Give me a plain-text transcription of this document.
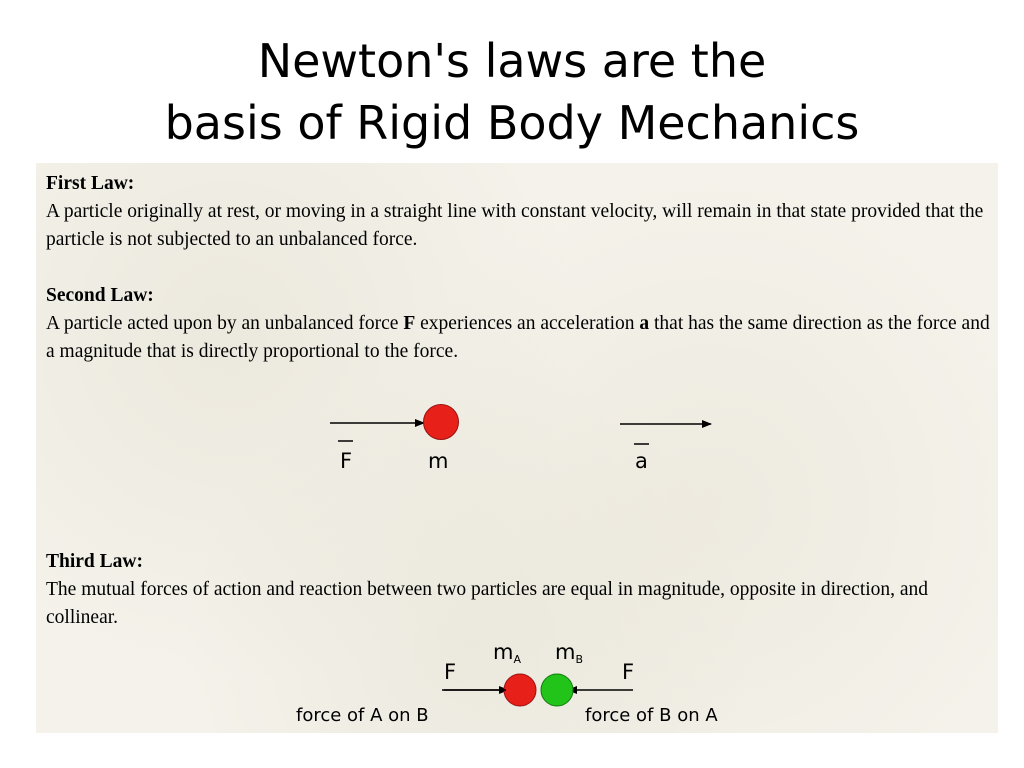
Newton's laws are the
basis of Rigid Body Mechanics
First Law:
A particle originally at rest, or moving in a straight line with constant velocity, will remain in that state provided that the particle is not subjected to an unbalanced force.
Second Law:
A particle acted upon by an unbalanced force F experiences an acceleration a that has the same direction as the force and a magnitude that is directly proportional to the force.
Third Law:
The mutual forces of action and reaction between two particles are equal in magnitude, opposite in direction, and collinear.
F	m	a
F	F
mA mB
force of A on B	force of B on A
